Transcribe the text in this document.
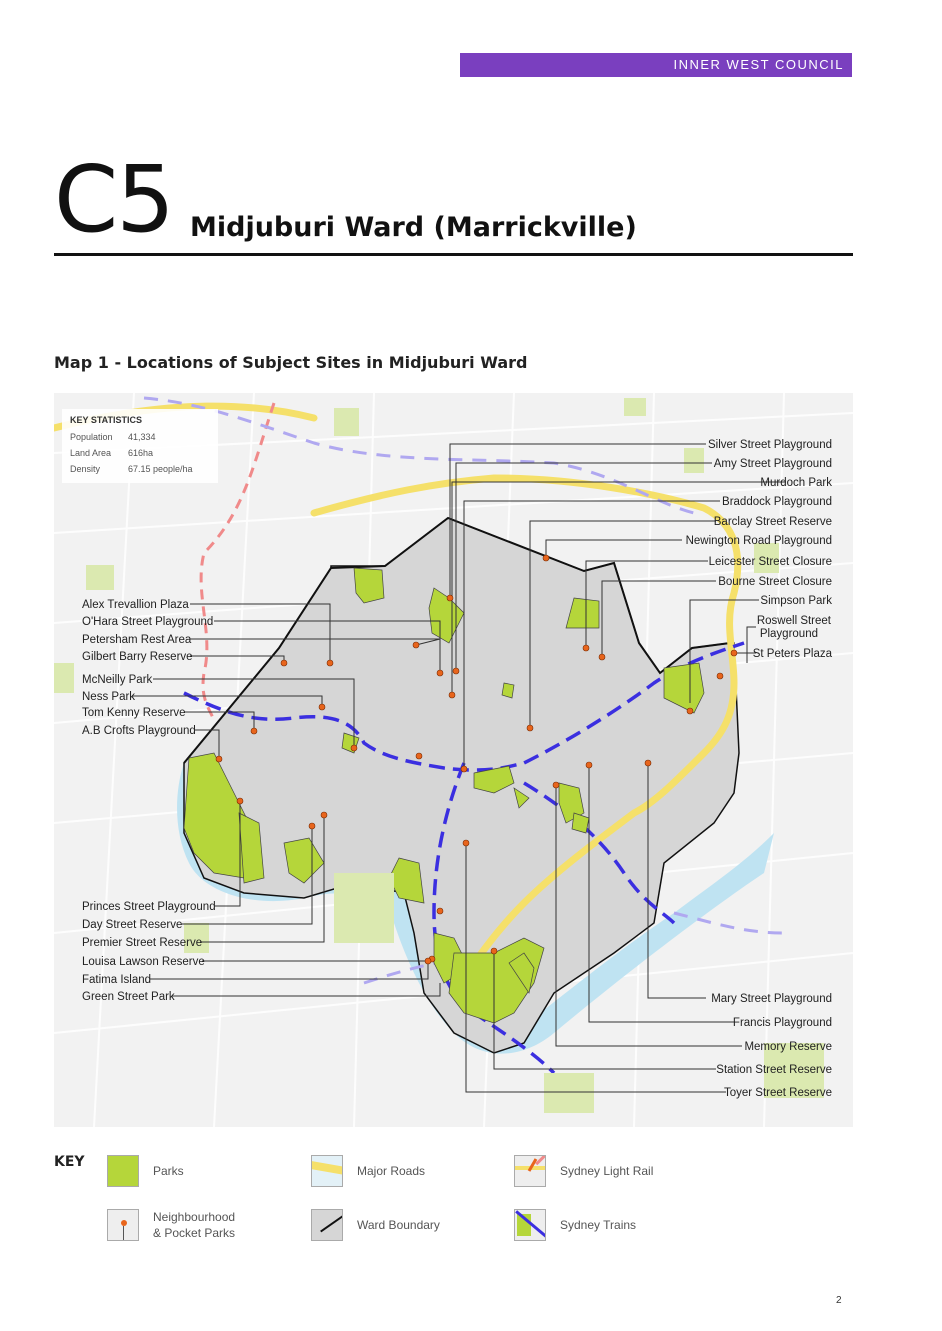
INNER WEST COUNCIL
C5 Midjuburi Ward (Marrickville)
Map 1 - Locations of Subject Sites in Midjuburi Ward
Alex Trevallion Plaza
O'Hara Street Playground
Petersham Rest Area
Gilbert Barry Reserve
McNeilly Park
Ness Park
Tom Kenny Reserve
A.B Crofts Playground
Princes Street Playground
Day Street Reserve
Premier Street Reserve
Louisa Lawson Reserve
Fatima Island
Green Street Park
Silver Street Playground
Amy Street Playground
Murdoch Park
Braddock Playground
Barclay Street Reserve
Newington Road Playground
Leicester Street Closure
Bourne Street Closure
Simpson Park
Roswell Street
Playground
St Peters Plaza
Mary Street Playground
Francis Playground
Memory Reserve
Station Street Reserve
Toyer Street Reserve
KEY STATISTICS
Population	41,334
Land Area	616ha
Density	67.15 people/ha
KEY
Parks
Neighbourhood
& Pocket Parks
Major Roads
Ward Boundary
Sydney Light Rail
Sydney Trains
2
